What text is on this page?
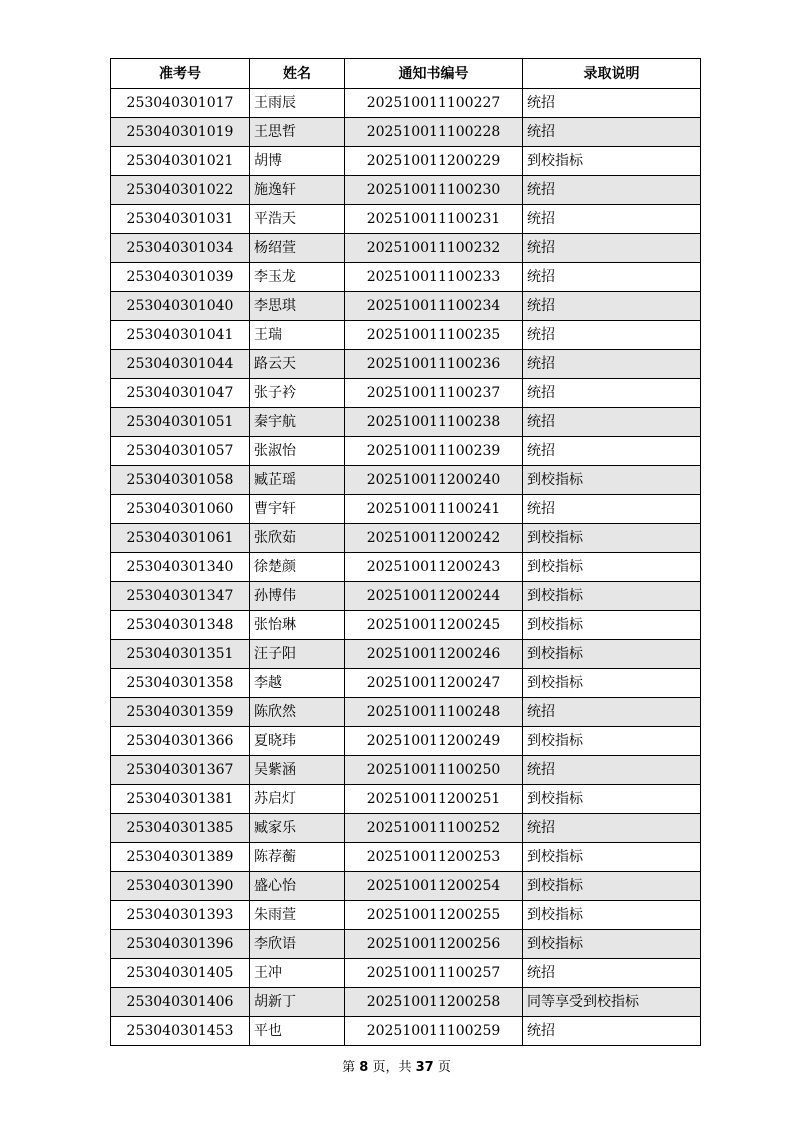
准考号	姓名	通知书编号	录取说明
253040301017	王雨辰	202510011100227	统招
253040301019	王思哲	202510011100228	统招
253040301021	胡博	202510011200229	到校指标
253040301022	施逸轩	202510011100230	统招
253040301031	平浩天	202510011100231	统招
253040301034	杨绍萱	202510011100232	统招
253040301039	李玉龙	202510011100233	统招
253040301040	李思琪	202510011100234	统招
253040301041	王瑞	202510011100235	统招
253040301044	路云天	202510011100236	统招
253040301047	张子衿	202510011100237	统招
253040301051	秦宇航	202510011100238	统招
253040301057	张淑怡	202510011100239	统招
253040301058	臧芷瑶	202510011200240	到校指标
253040301060	曹宇轩	202510011100241	统招
253040301061	张欣茹	202510011200242	到校指标
253040301340	徐楚颜	202510011200243	到校指标
253040301347	孙博伟	202510011200244	到校指标
253040301348	张怡琳	202510011200245	到校指标
253040301351	汪子阳	202510011200246	到校指标
253040301358	李越	202510011200247	到校指标
253040301359	陈欣然	202510011100248	统招
253040301366	夏晓玮	202510011200249	到校指标
253040301367	吴紫涵	202510011100250	统招
253040301381	苏启灯	202510011200251	到校指标
253040301385	臧家乐	202510011100252	统招
253040301389	陈荐蘅	202510011200253	到校指标
253040301390	盛心怡	202510011200254	到校指标
253040301393	朱雨萱	202510011200255	到校指标
253040301396	李欣语	202510011200256	到校指标
253040301405	王冲	202510011100257	统招
253040301406	胡新丁	202510011200258	同等享受到校指标
253040301453	平也	202510011100259	统招
第 8 页，共 37 页
